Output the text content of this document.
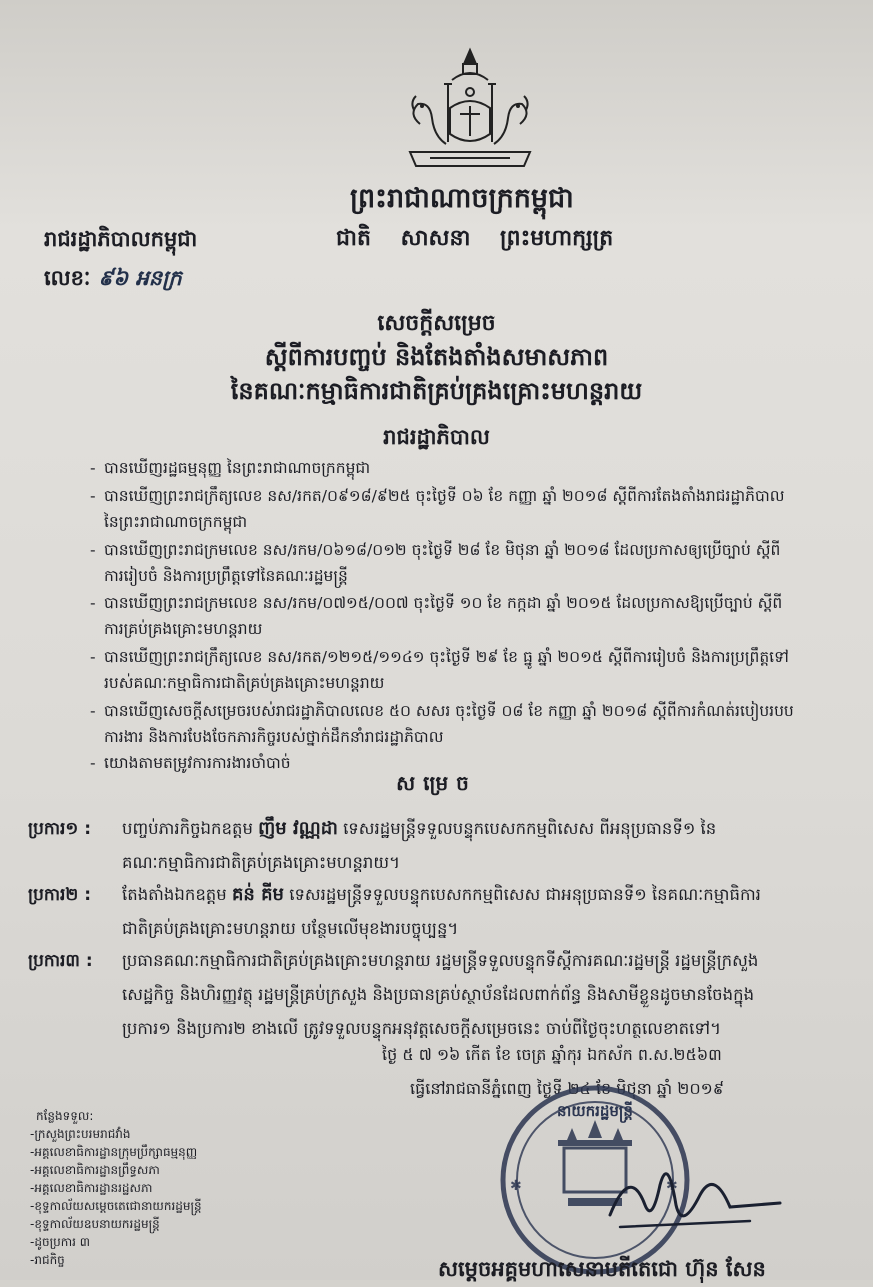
ព្រះរាជាណាចក្រកម្ពុជា
ជាតិ សាសនា ព្រះមហាក្សត្រ
រាជរដ្ឋាភិបាលកម្ពុជា
លេខៈ ៩៦ អនក្រ
សេចក្តីសម្រេច
ស្តីពីការបញ្ចប់ និងតែងតាំងសមាសភាព
នៃគណៈកម្មាធិការជាតិគ្រប់គ្រងគ្រោះមហន្តរាយ
រាជរដ្ឋាភិបាល
- បានឃើញរដ្ឋធម្មនុញ្ញ នៃព្រះរាជាណាចក្រកម្ពុជា
- បានឃើញព្រះរាជក្រឹត្យលេខ នស/រកត/០៩១៨/៩២៥ ចុះថ្ងៃទី ០៦ ខែ កញ្ញា ឆ្នាំ ២០១៨ ស្តីពីការតែងតាំងរាជរដ្ឋាភិបាល
នៃព្រះរាជាណាចក្រកម្ពុជា
- បានឃើញព្រះរាជក្រមលេខ នស/រកម/០៦១៨/០១២ ចុះថ្ងៃទី ២៨ ខែ មិថុនា ឆ្នាំ ២០១៨ ដែលប្រកាសឲ្យប្រើច្បាប់ ស្តីពី
ការរៀបចំ និងការប្រព្រឹត្តទៅនៃគណៈរដ្ឋមន្ត្រី
- បានឃើញព្រះរាជក្រមលេខ នស/រកម/០៧១៥/០០៧ ចុះថ្ងៃទី ១០ ខែ កក្កដា ឆ្នាំ ២០១៥ ដែលប្រកាសឱ្យប្រើច្បាប់ ស្តីពី
ការគ្រប់គ្រងគ្រោះមហន្តរាយ
- បានឃើញព្រះរាជក្រឹត្យលេខ នស/រកត/១២១៥/១១៤១ ចុះថ្ងៃទី ២៩ ខែ ធ្នូ ឆ្នាំ ២០១៥ ស្តីពីការរៀបចំ និងការប្រព្រឹត្តទៅ
របស់គណៈកម្មាធិការជាតិគ្រប់គ្រងគ្រោះមហន្តរាយ
- បានឃើញសេចក្តីសម្រេចរបស់រាជរដ្ឋាភិបាលលេខ ៥០ សសរ ចុះថ្ងៃទី ០៨ ខែ កញ្ញា ឆ្នាំ ២០១៨ ស្តីពីការកំណត់របៀបរបប
ការងារ និងការបែងចែកភារកិច្ចរបស់ថ្នាក់ដឹកនាំរាជរដ្ឋាភិបាល
- យោងតាមតម្រូវការការងារចាំបាច់
សម្រេច
ប្រការ១ :	បញ្ចប់ភារកិច្ចឯកឧត្តម ញឹម វណ្ណដា ទេសរដ្ឋមន្ត្រីទទួលបន្ទុកបេសកកម្មពិសេស ពីអនុប្រធានទី១ នៃ
គណៈកម្មាធិការជាតិគ្រប់គ្រងគ្រោះមហន្តរាយ។
ប្រការ២ :	តែងតាំងឯកឧត្តម គន់ គីម ទេសរដ្ឋមន្ត្រីទទួលបន្ទុកបេសកកម្មពិសេស ជាអនុប្រធានទី១ នៃគណៈកម្មាធិការ
ជាតិគ្រប់គ្រងគ្រោះមហន្តរាយ បន្ថែមលើមុខងារបច្ចុប្បន្ន។
ប្រការ៣ :	ប្រធានគណៈកម្មាធិការជាតិគ្រប់គ្រងគ្រោះមហន្តរាយ រដ្ឋមន្ត្រីទទួលបន្ទុកទីស្តីការគណៈរដ្ឋមន្ត្រី រដ្ឋមន្ត្រីក្រសួង
សេដ្ឋកិច្ច និងហិរញ្ញវត្ថុ រដ្ឋមន្ត្រីគ្រប់ក្រសួង និងប្រធានគ្រប់ស្ថាប័នដែលពាក់ព័ន្ធ និងសាមីខ្លួនដូចមានចែងក្នុង
ប្រការ១ និងប្រការ២ ខាងលើ ត្រូវទទួលបន្ទុកអនុវត្តសេចក្តីសម្រេចនេះ ចាប់ពីថ្ងៃចុះហត្ថលេខាតទៅ។
ថ្ងៃ ៥ ៧ ១៦ កើត ខែ ចេត្រ ឆ្នាំកុរ ឯកស័ក ព.ស.២៥៦៣
ធ្វើនៅរាជធានីភ្នំពេញ ថ្ងៃទី ២៤ ខែ មិថុនា ឆ្នាំ ២០១៩
កន្លែងទទួល:
-ក្រសួងព្រះបរមរាជវាំង
-អគ្គលេខាធិការដ្ឋានក្រុមប្រឹក្សាធម្មនុញ្ញ
-អគ្គលេខាធិការដ្ឋានព្រឹទ្ធសភា
-អគ្គលេខាធិការដ្ឋានរដ្ឋសភា
-ខុទ្ទកាល័យសម្តេចតេជោនាយករដ្ឋមន្ត្រី
-ខុទ្ទកាល័យឧបនាយករដ្ឋមន្ត្រី
-ដូចប្រការ ៣
-រាជកិច្ច
✱	✱
នាយករដ្ឋមន្ត្រី
សម្តេចអគ្គមហាសេនាបតីតេជោ ហ៊ុន សែន
